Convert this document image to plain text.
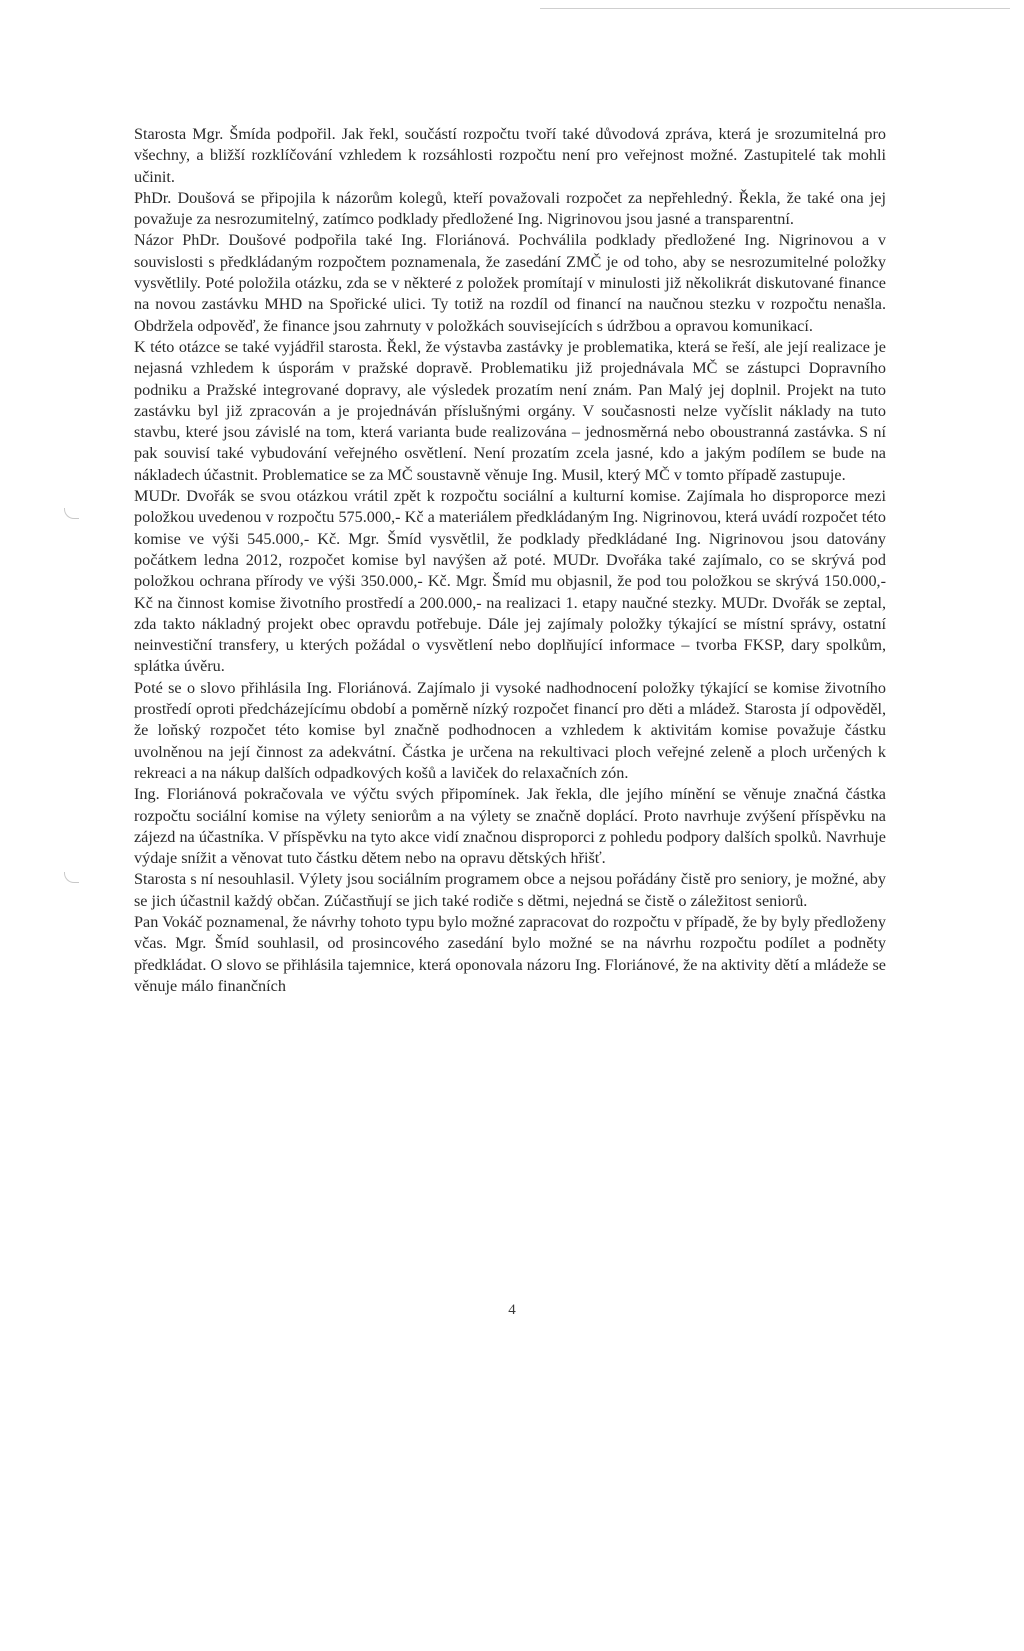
Starosta Mgr. Šmída podpořil. Jak řekl, součástí rozpočtu tvoří také důvodová zpráva, která je srozumitelná pro všechny, a bližší rozklíčování vzhledem k rozsáhlosti rozpočtu není pro veřejnost možné. Zastupitelé tak mohli učinit.

PhDr. Doušová se připojila k názorům kolegů, kteří považovali rozpočet za nepřehledný. Řekla, že také ona jej považuje za nesrozumitelný, zatímco podklady předložené Ing. Nigrinovou jsou jasné a transparentní.

Názor PhDr. Doušové podpořila také Ing. Floriánová. Pochválila podklady předložené Ing. Nigrinovou a v souvislosti s předkládaným rozpočtem poznamenala, že zasedání ZMČ je od toho, aby se nesrozumitelné položky vysvětlily. Poté položila otázku, zda se v některé z položek promítají v minulosti již několikrát diskutované finance na novou zastávku MHD na Spořické ulici. Ty totiž na rozdíl od financí na naučnou stezku v rozpočtu nenašla. Obdržela odpověď, že finance jsou zahrnuty v položkách souvisejících s údržbou a opravou komunikací.

K této otázce se také vyjádřil starosta. Řekl, že výstavba zastávky je problematika, která se řeší, ale její realizace je nejasná vzhledem k úsporám v pražské dopravě. Problematiku již projednávala MČ se zástupci Dopravního podniku a Pražské integrované dopravy, ale výsledek prozatím není znám. Pan Malý jej doplnil. Projekt na tuto zastávku byl již zpracován a je projednáván příslušnými orgány. V současnosti nelze vyčíslit náklady na tuto stavbu, které jsou závislé na tom, která varianta bude realizována – jednosměrná nebo oboustranná zastávka. S ní pak souvisí také vybudování veřejného osvětlení. Není prozatím zcela jasné, kdo a jakým podílem se bude na nákladech účastnit. Problematice se za MČ soustavně věnuje Ing. Musil, který MČ v tomto případě zastupuje.

MUDr. Dvořák se svou otázkou vrátil zpět k rozpočtu sociální a kulturní komise. Zajímala ho disproporce mezi položkou uvedenou v rozpočtu 575.000,- Kč a materiálem předkládaným Ing. Nigrinovou, která uvádí rozpočet této komise ve výši 545.000,- Kč. Mgr. Šmíd vysvětlil, že podklady předkládané Ing. Nigrinovou jsou datovány počátkem ledna 2012, rozpočet komise byl navýšen až poté. MUDr. Dvořáka také zajímalo, co se skrývá pod položkou ochrana přírody ve výši 350.000,- Kč. Mgr. Šmíd mu objasnil, že pod tou položkou se skrývá 150.000,- Kč na činnost komise životního prostředí a 200.000,- na realizaci 1. etapy naučné stezky. MUDr. Dvořák se zeptal, zda takto nákladný projekt obec opravdu potřebuje. Dále jej zajímaly položky týkající se místní správy, ostatní neinvestiční transfery, u kterých požádal o vysvětlení nebo doplňující informace – tvorba FKSP, dary spolkům, splátka úvěru.

Poté se o slovo přihlásila Ing. Floriánová. Zajímalo ji vysoké nadhodnocení položky týkající se komise životního prostředí oproti předcházejícímu období a poměrně nízký rozpočet financí pro děti a mládež. Starosta jí odpověděl, že loňský rozpočet této komise byl značně podhodnocen a vzhledem k aktivitám komise považuje částku uvolněnou na její činnost za adekvátní. Částka je určena na rekultivaci ploch veřejné zeleně a ploch určených k rekreaci a na nákup dalších odpadkových košů a laviček do relaxačních zón.

Ing. Floriánová pokračovala ve výčtu svých připomínek. Jak řekla, dle jejího mínění se věnuje značná částka rozpočtu sociální komise na výlety seniorům a na výlety se značně doplácí. Proto navrhuje zvýšení příspěvku na zájezd na účastníka. V příspěvku na tyto akce vidí značnou disproporci z pohledu podpory dalších spolků. Navrhuje výdaje snížit a věnovat tuto částku dětem nebo na opravu dětských hřišť.

Starosta s ní nesouhlasil. Výlety jsou sociálním programem obce a nejsou pořádány čistě pro seniory, je možné, aby se jich účastnil každý občan. Zúčastňují se jich také rodiče s dětmi, nejedná se čistě o záležitost seniorů.

Pan Vokáč poznamenal, že návrhy tohoto typu bylo možné zapracovat do rozpočtu v případě, že by byly předloženy včas. Mgr. Šmíd souhlasil, od prosincového zasedání bylo možné se na návrhu rozpočtu podílet a podněty předkládat. O slovo se přihlásila tajemnice, která oponovala názoru Ing. Floriánové, že na aktivity dětí a mládeže se věnuje málo finančních

4
